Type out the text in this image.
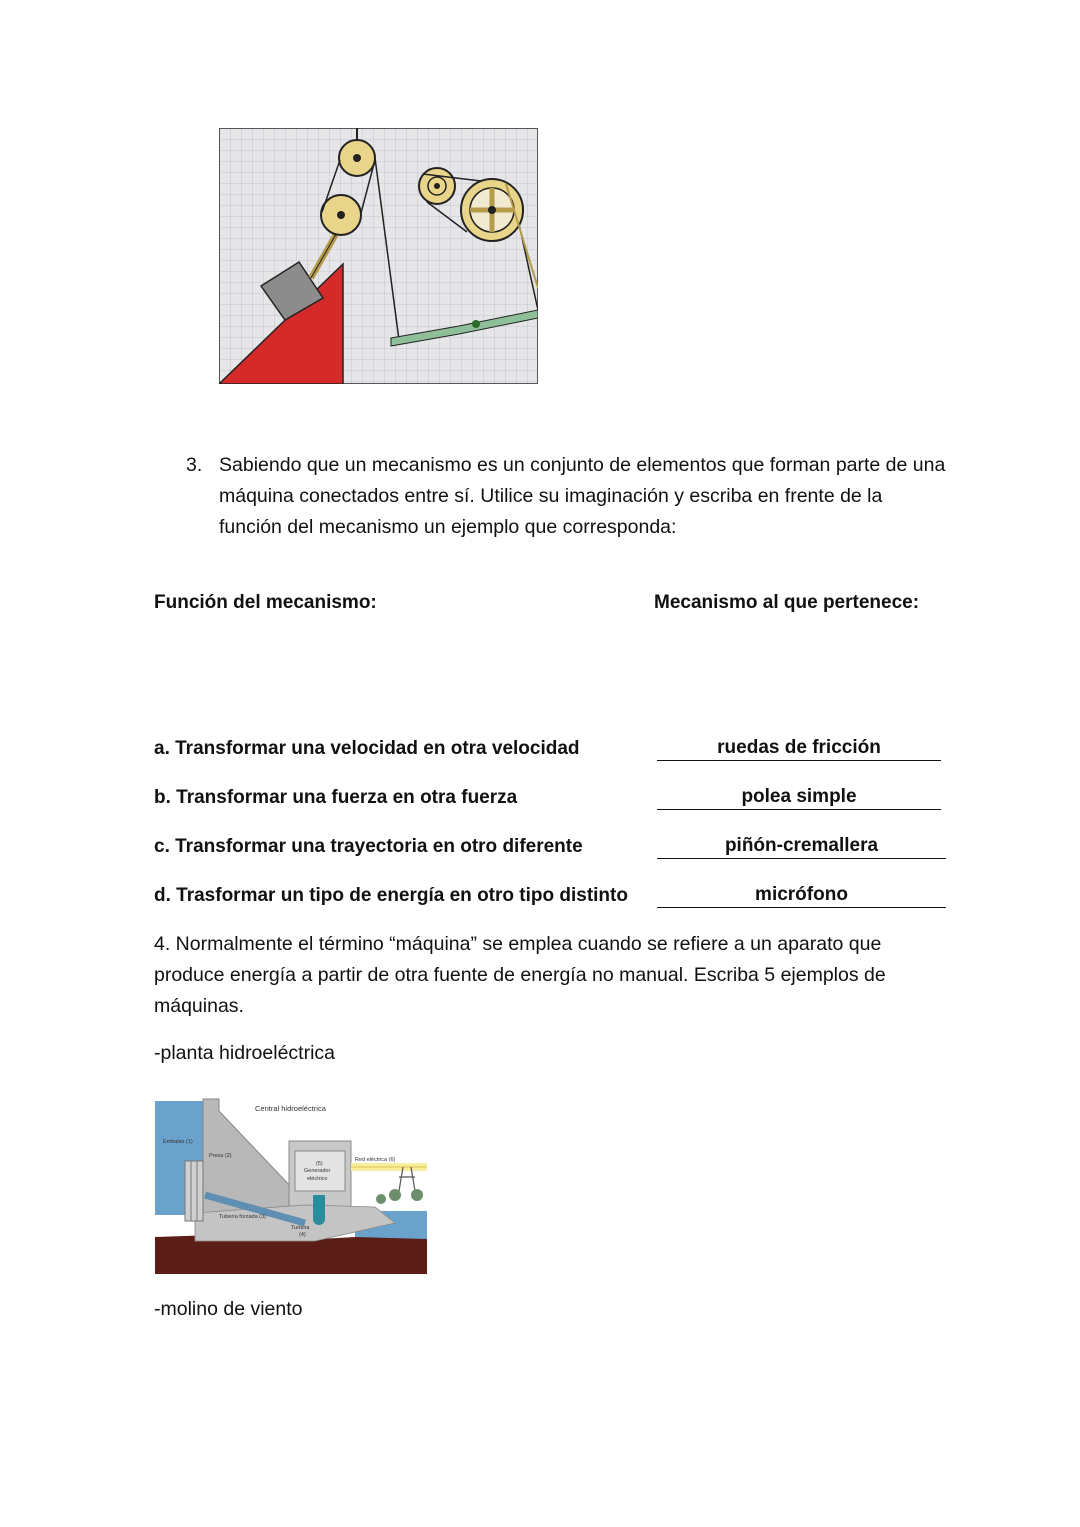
3. Sabiendo que un mecanismo es un conjunto de elementos que forman parte de una máquina conectados entre sí. Utilice su imaginación y escriba en frente de la función del mecanismo un ejemplo que corresponda:
Función del mecanismo:	Mecanismo al que pertenece:
a. Transformar una velocidad en otra velocidad	ruedas de fricción
b. Transformar una fuerza en otra fuerza	polea simple
c. Transformar una trayectoria en otro diferente	piñón-cremallera
d. Trasformar un tipo de energía en otro tipo distinto	micrófono
4. Normalmente el término “máquina” se emplea cuando se refiere a un aparato que produce energía a partir de otra fuente de energía no manual. Escriba 5 ejemplos de máquinas.
-planta hidroeléctrica
Central hidroeléctrica
Embalse (1)
Presa (2)
(5)
Generador
eléctrico
Red eléctrica (6)
Tubería forzada (3)
Turbina
(4)
-molino de viento
